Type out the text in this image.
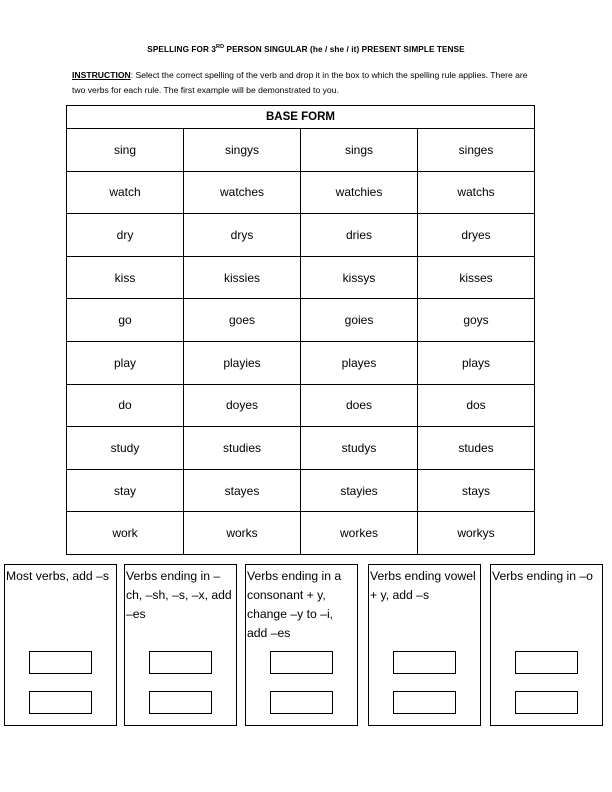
SPELLING FOR 3RD PERSON SINGULAR (he / she / it) PRESENT SIMPLE TENSE
INSTRUCTION: Select the correct spelling of the verb and drop it in the box to which the spelling rule applies. There are two verbs for each rule. The first example will be demonstrated to you.
BASE FORM			
sing	singys	sings	singes
watch	watches	watchies	watchs
dry	drys	dries	dryes
kiss	kissies	kissys	kisses
go	goes	goies	goys
play	playies	playes	plays
do	doyes	does	dos
study	studies	studys	studes
stay	stayes	stayies	stays
work	works	workes	workys
Most verbs, add –s	Verbs ending in –ch, –sh, –s, –x, add –es
Verbs ending in a consonant + y, change –y to –i, add –es
Verbs ending vowel + y, add –s
Verbs ending in –o
